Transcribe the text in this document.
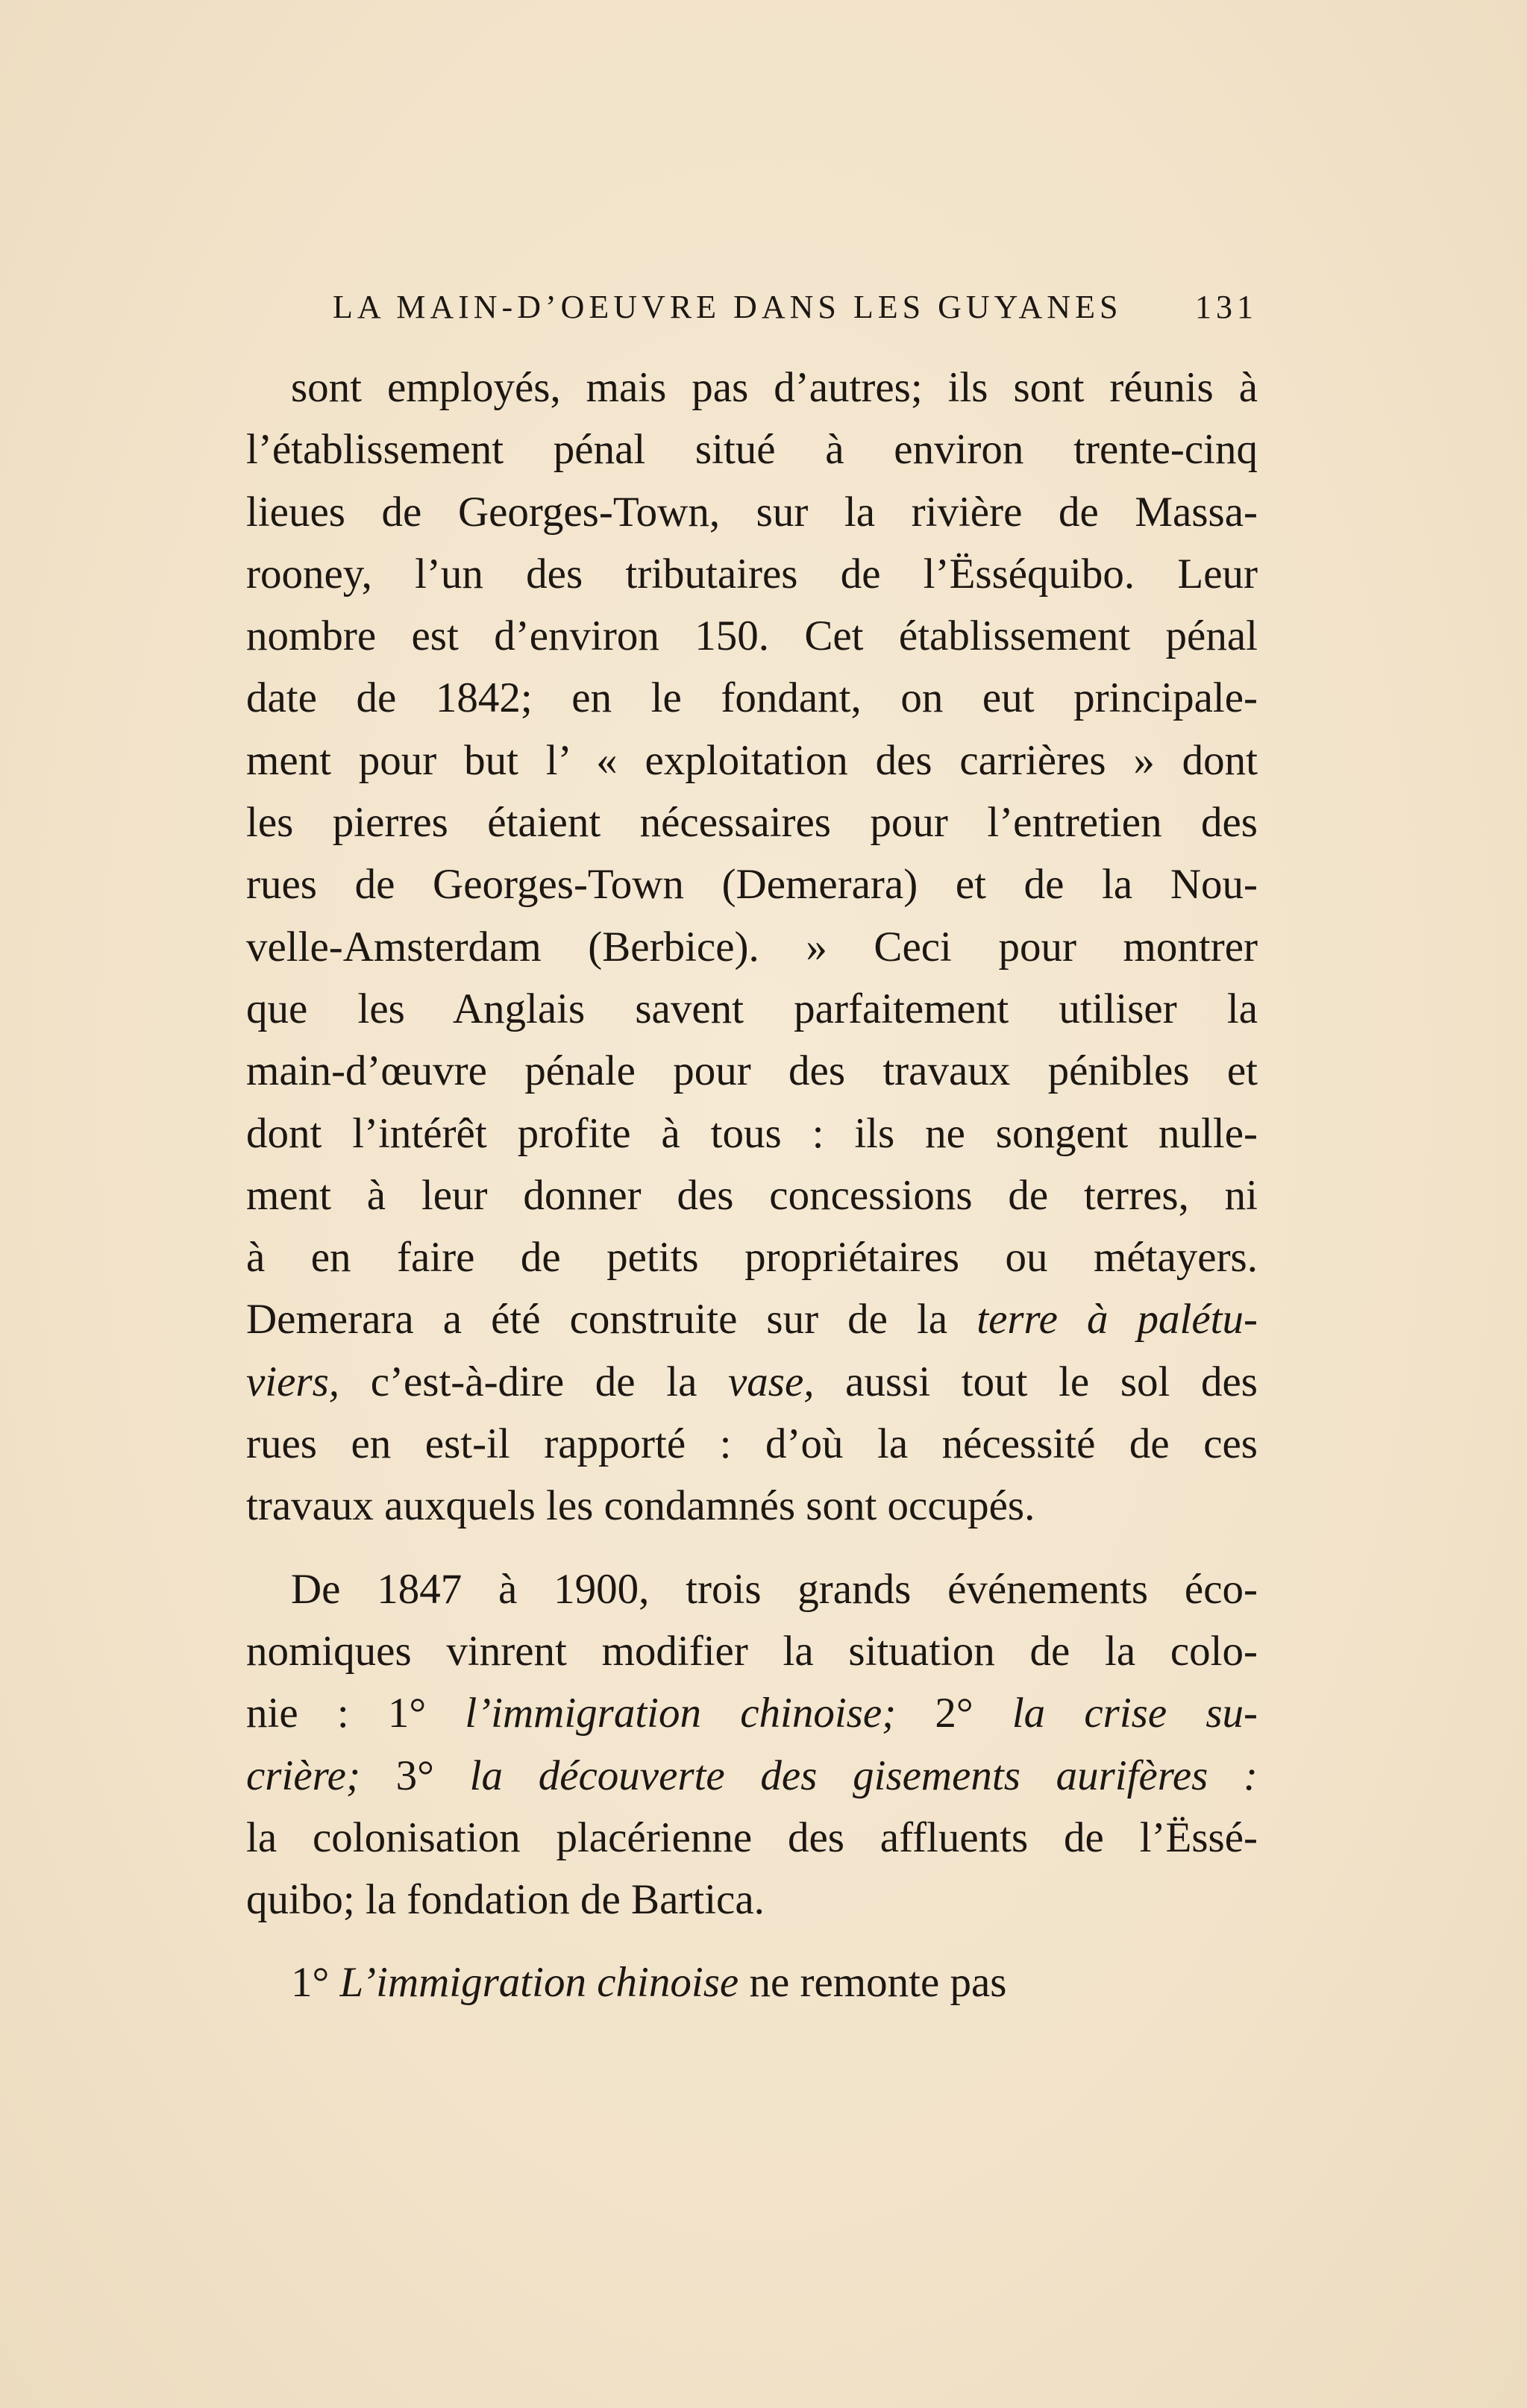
LA MAIN-D’OEUVRE DANS LES GUYANES 131
sont employés, mais pas d’autres; ils sont réunis à
l’établissement pénal situé à environ trente-cinq
lieues de Georges-Town, sur la rivière de Massa-
rooney, l’un des tributaires de l’Ësséquibo. Leur
nombre est d’environ 150. Cet établissement pénal
date de 1842; en le fondant, on eut principale-
ment pour but l’ « exploitation des carrières » dont
les pierres étaient nécessaires pour l’entretien des
rues de Georges-Town (Demerara) et de la Nou-
velle-Amsterdam (Berbice). » Ceci pour montrer
que les Anglais savent parfaitement utiliser la
main-d’œuvre pénale pour des travaux pénibles et
dont l’intérêt profite à tous : ils ne songent nulle-
ment à leur donner des concessions de terres, ni
à en faire de petits propriétaires ou métayers.
Demerara a été construite sur de la terre à palétu-
viers, c’est-à-dire de la vase, aussi tout le sol des
rues en est-il rapporté : d’où la nécessité de ces
travaux auxquels les condamnés sont occupés.
De 1847 à 1900, trois grands événements éco-
nomiques vinrent modifier la situation de la colo-
nie : 1° l’immigration chinoise; 2° la crise su-
crière; 3° la découverte des gisements aurifères :
la colonisation placérienne des affluents de l’Ëssé-
quibo; la fondation de Bartica.
1° L’immigration chinoise ne remonte pas
